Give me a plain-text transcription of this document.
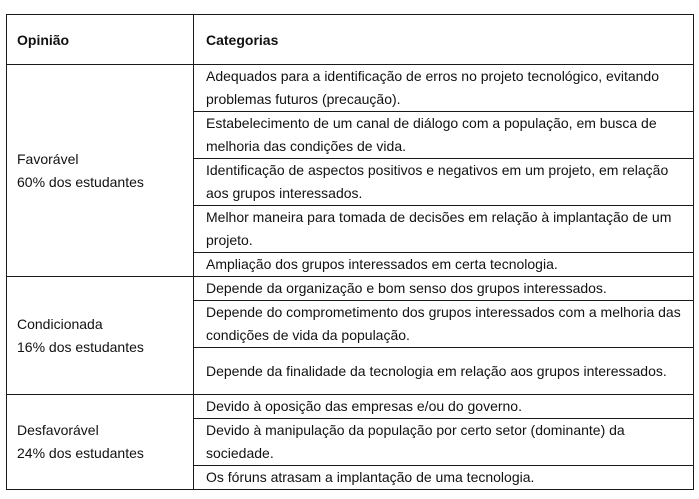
Opinião	Categorias

Favorável
60% dos estudantes	Adequados para a identificação de erros no projeto tecnológico, evitando problemas futuros (precaução).
	Estabelecimento de um canal de diálogo com a população, em busca de melhoria das condições de vida.
	Identificação de aspectos positivos e negativos em um projeto, em relação aos grupos interessados.
	Melhor maneira para tomada de decisões em relação à implantação de um projeto.
	Ampliação dos grupos interessados em certa tecnologia.

Condicionada
16% dos estudantes	Depende da organização e bom senso dos grupos interessados.
	Depende do comprometimento dos grupos interessados com a melhoria das condições de vida da população.
	Depende da finalidade da tecnologia em relação aos grupos interessados.

Desfavorável
24% dos estudantes	Devido à oposição das empresas e/ou do governo.
	Devido à manipulação da população por certo setor (dominante) da sociedade.
	Os fóruns atrasam a implantação de uma tecnologia.
